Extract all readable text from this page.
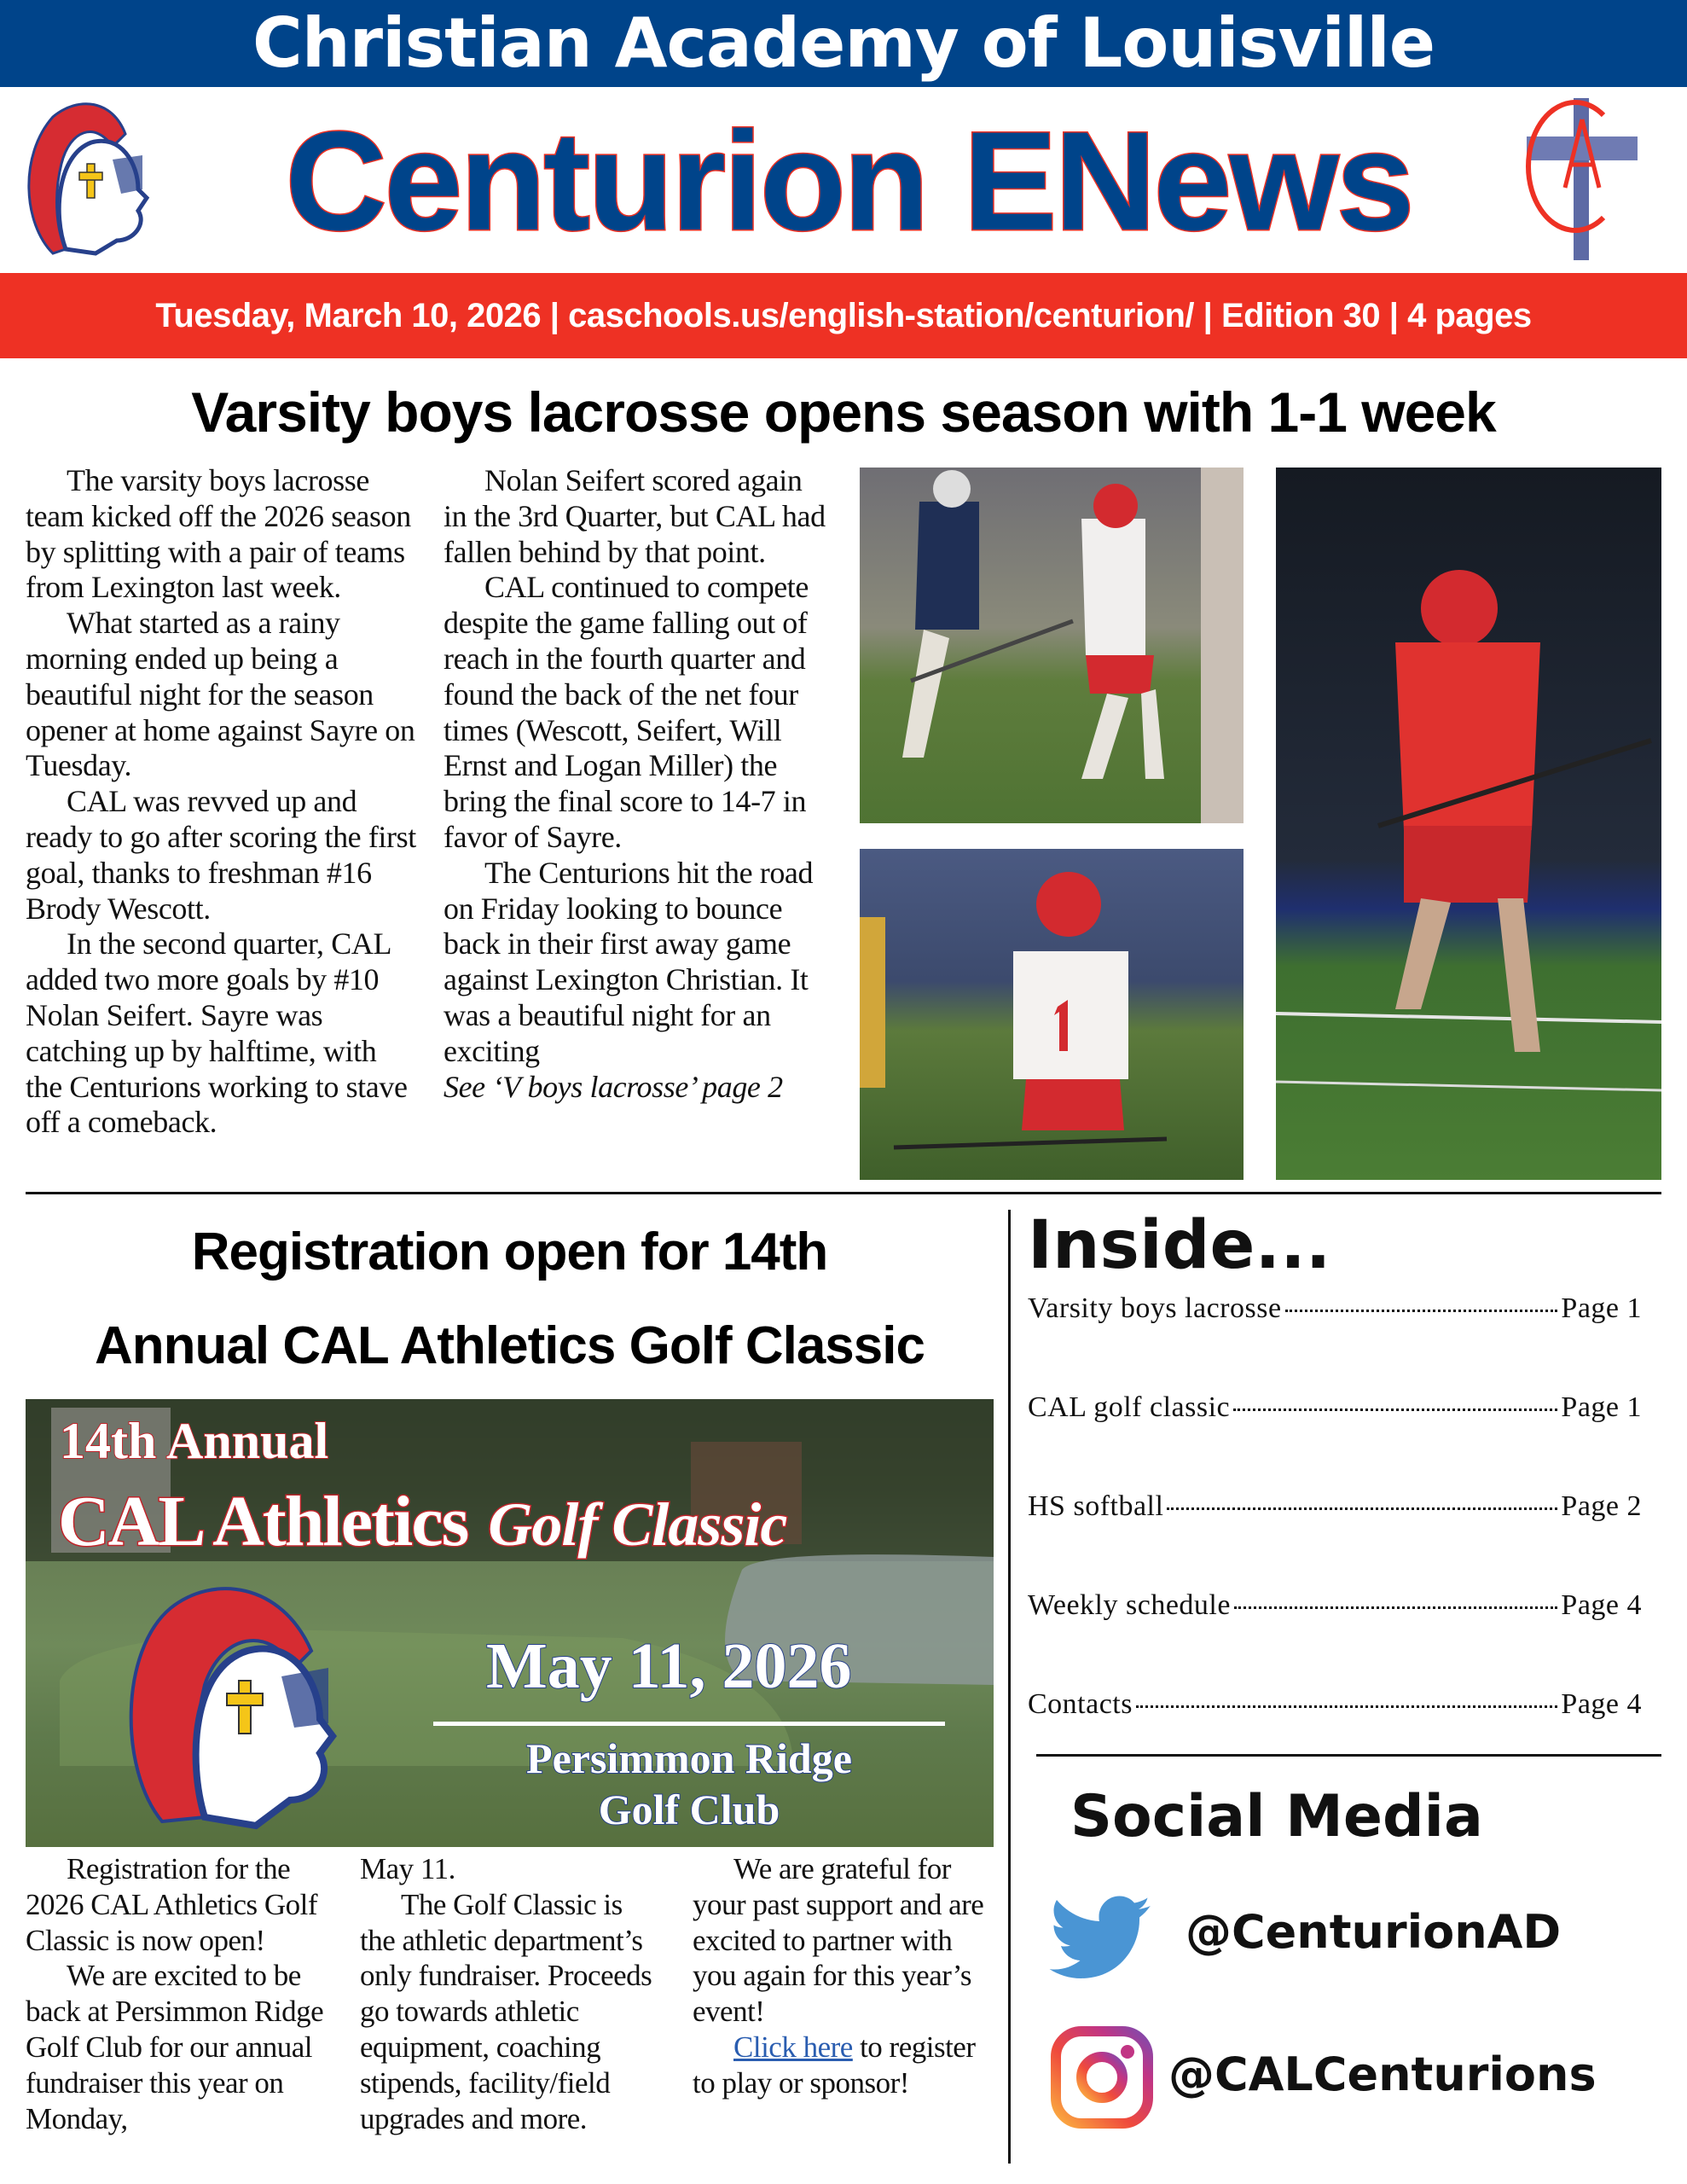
Christian Academy of Louisville
Centurion ENews
Tuesday, March 10, 2026 | caschools.us/english-station/centurion/ | Edition 30 | 4 pages
Varsity boys lacrosse opens season with 1-1 week

The varsity boys lacrosse team kicked off the 2026 season by splitting with a pair of teams from Lexington last week.

What started as a rainy morning ended up being a beautiful night for the season opener at home against Sayre on Tuesday.

CAL was revved up and ready to go after scoring the first goal, thanks to freshman #16 Brody Wescott.

In the second quarter, CAL added two more goals by #10 Nolan Seifert. Sayre was catching up by halftime, with the Centurions working to stave off a comeback.

Nolan Seifert scored again in the 3rd Quarter, but CAL had fallen behind by that point.

CAL continued to compete despite the game falling out of reach in the fourth quarter and found the back of the net four times (Wescott, Seifert, Will Ernst and Logan Miller) the bring the final score to 14-7 in favor of Sayre.

The Centurions hit the road on Friday looking to bounce back in their first away game against Lexington Christian. It was a beautiful night for an exciting

See ‘V boys lacrosse’ page 2

Registration open for 14th
Annual CAL Athletics Golf Classic
14th Annual
CAL Athletics Golf Classic
May 11, 2026
Persimmon Ridge
Golf Club

Registration for the 2026 CAL Athletics Golf Classic is now open!

We are excited to be back at Persimmon Ridge Golf Club for our annual fundraiser this year on Monday,

May 11.

The Golf Classic is the athletic department’s only fundraiser. Proceeds go towards athletic equipment, coaching stipends, facility/field upgrades and more.

We are grateful for your past support and are excited to partner with you again for this year’s event!

Click here to register to play or sponsor!

Inside...
Varsity boys lacrosse	Page 1
CAL golf classic	Page 1
HS softball	Page 2
Weekly schedule	Page 4
Contacts	Page 4
Social Media
@CenturionAD
@CALCenturions
